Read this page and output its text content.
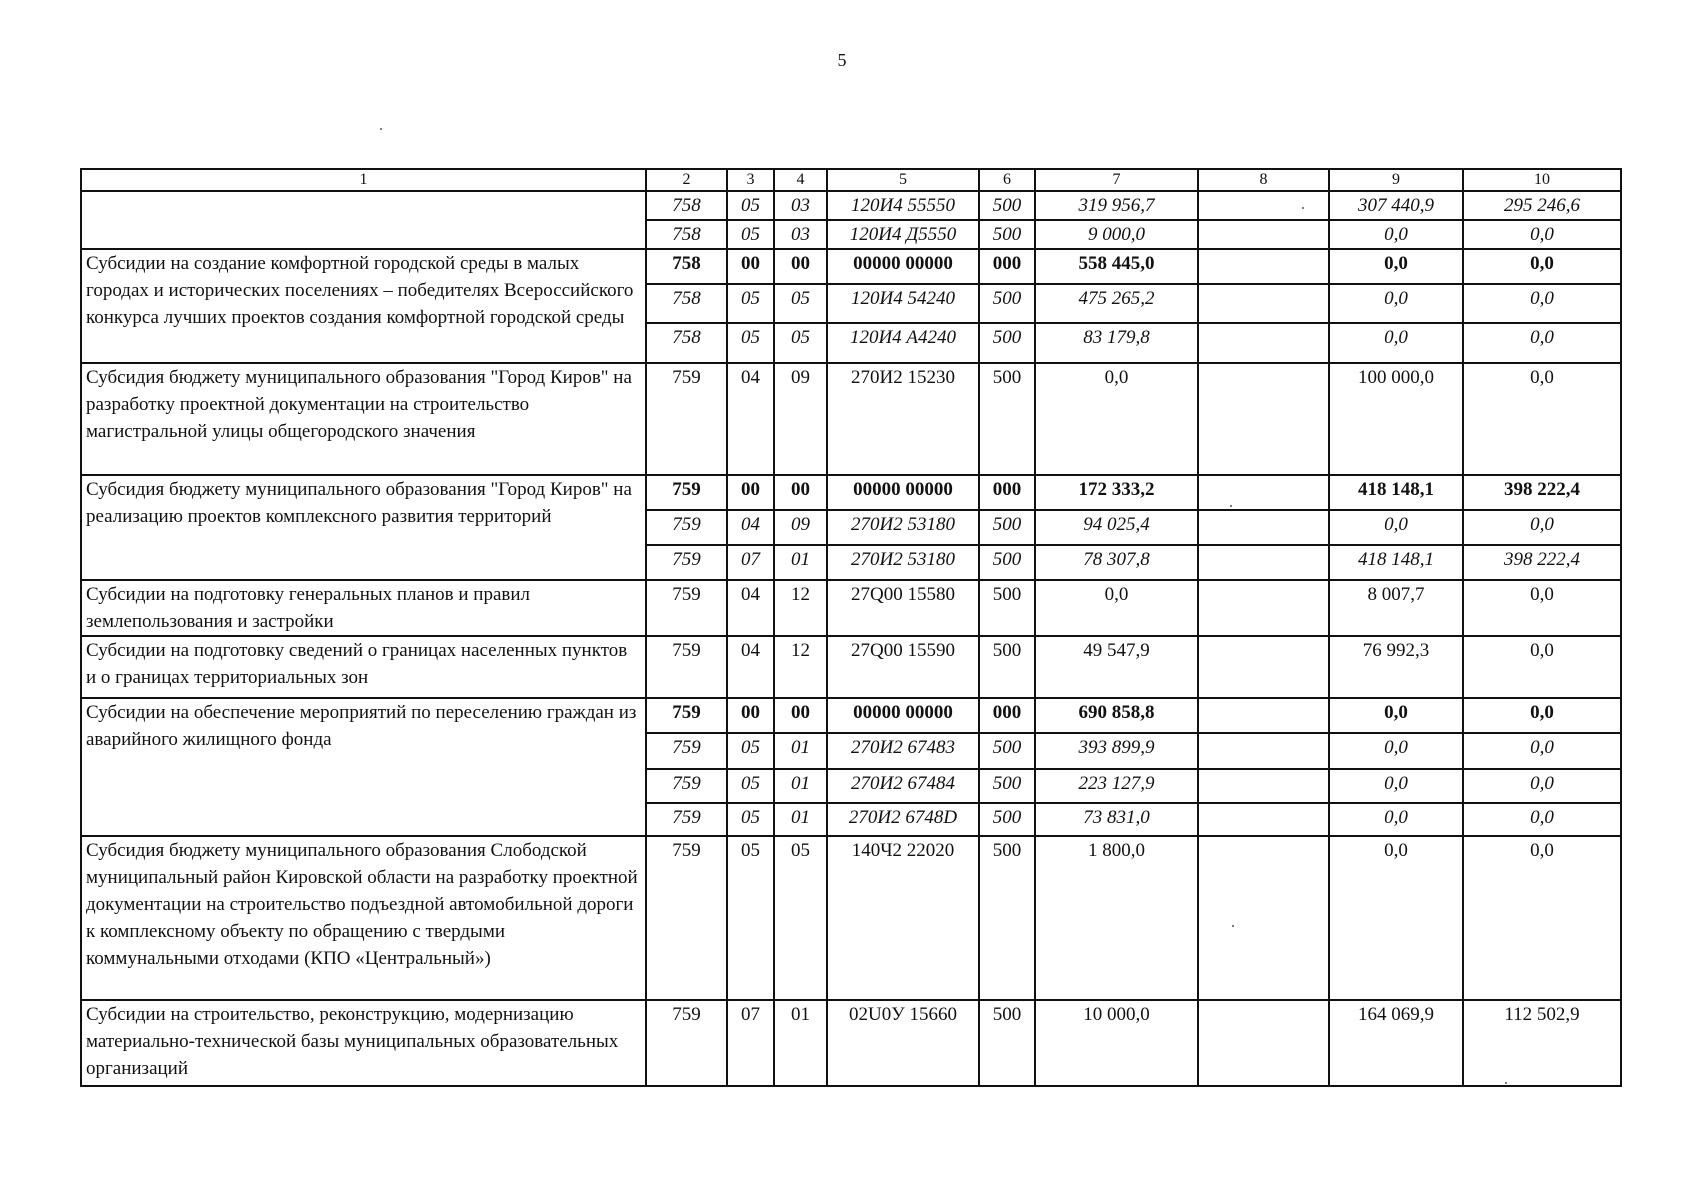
5
1	2	3	4	5	6	7	8	9	10
	758	05	03	120И4 55550	500	319 956,7		307 440,9	295 246,6
	758	05	03	120И4 Д5550	500	9 000,0		0,0	0,0
Субсидии на создание комфортной городской среды в малых городах и исторических поселениях – победителях Всероссийского конкурса лучших проектов создания комфортной городской среды	758	00	00	00000 00000	000	558 445,0		0,0	0,0
	758	05	05	120И4 54240	500	475 265,2		0,0	0,0
	758	05	05	120И4 А4240	500	83 179,8		0,0	0,0
Субсидия бюджету муниципального образования "Город Киров" на разработку проектной документации на строительство магистральной улицы общегородского значения	759	04	09	270И2 15230	500	0,0		100 000,0	0,0
Субсидия бюджету муниципального образования "Город Киров" на реализацию проектов комплексного развития территорий	759	00	00	00000 00000	000	172 333,2		418 148,1	398 222,4
	759	04	09	270И2 53180	500	94 025,4		0,0	0,0
	759	07	01	270И2 53180	500	78 307,8		418 148,1	398 222,4
Субсидии на подготовку генеральных планов и правил землепользования и застройки	759	04	12	27Q00 15580	500	0,0		8 007,7	0,0
Субсидии на подготовку сведений о границах населенных пунктов и о границах территориальных зон	759	04	12	27Q00 15590	500	49 547,9		76 992,3	0,0
Субсидии на обеспечение мероприятий по переселению граждан из аварийного жилищного фонда	759	00	00	00000 00000	000	690 858,8		0,0	0,0
	759	05	01	270И2 67483	500	393 899,9		0,0	0,0
	759	05	01	270И2 67484	500	223 127,9		0,0	0,0
	759	05	01	270И2 6748D	500	73 831,0		0,0	0,0
Субсидия бюджету муниципального образования Слободской муниципальный район Кировской области на разработку проектной документации на строительство подъездной автомобильной дороги к комплексному объекту по обращению с твердыми коммунальными отходами (КПО «Центральный»)	759	05	05	140Ч2 22020	500	1 800,0		0,0	0,0
Субсидии на строительство, реконструкцию, модернизацию материально-технической базы муниципальных образовательных организаций	759	07	01	02U0У 15660	500	10 000,0		164 069,9	112 502,9
